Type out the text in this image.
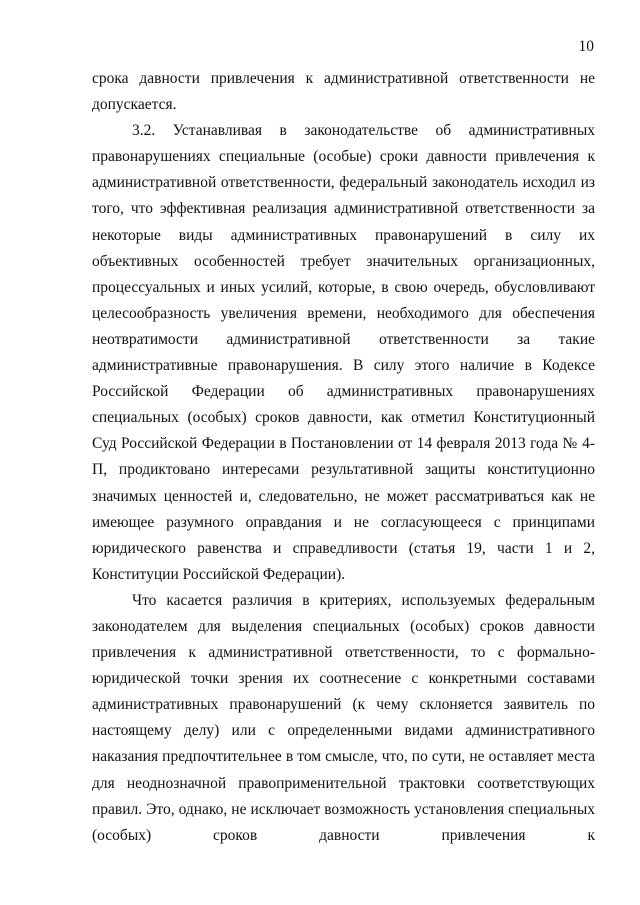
10

срока давности привлечения к административной ответственности не допускается.

3.2. Устанавливая в законодательстве об административных правонарушениях специальные (особые) сроки давности привлечения к административной ответственности, федеральный законодатель исходил из того, что эффективная реализация административной ответственности за некоторые виды административных правонарушений в силу их объективных особенностей требует значительных организационных, процессуальных и иных усилий, которые, в свою очередь, обусловливают целесообразность увеличения времени, необходимого для обеспечения неотвратимости административной ответственности за такие административные правонарушения. В силу этого наличие в Кодексе Российской Федерации об административных правонарушениях специальных (особых) сроков давности, как отметил Конституционный Суд Российской Федерации в Постановлении от 14 февраля 2013 года № 4-П, продиктовано интересами результативной защиты конституционно значимых ценностей и, следовательно, не может рассматриваться как не имеющее разумного оправдания и не согласующееся с принципами юридического равенства и справедливости (статья 19, части 1 и 2, Конституции Российской Федерации).

Что касается различия в критериях, используемых федеральным законодателем для выделения специальных (особых) сроков давности привлечения к административной ответственности, то с формально-юридической точки зрения их соотнесение с конкретными составами административных правонарушений (к чему склоняется заявитель по настоящему делу) или с определенными видами административного наказания предпочтительнее в том смысле, что, по сути, не оставляет места для неоднозначной правоприменительной трактовки соответствующих правил. Это, однако, не исключает возможность установления специальных (особых) сроков давности привлечения к
